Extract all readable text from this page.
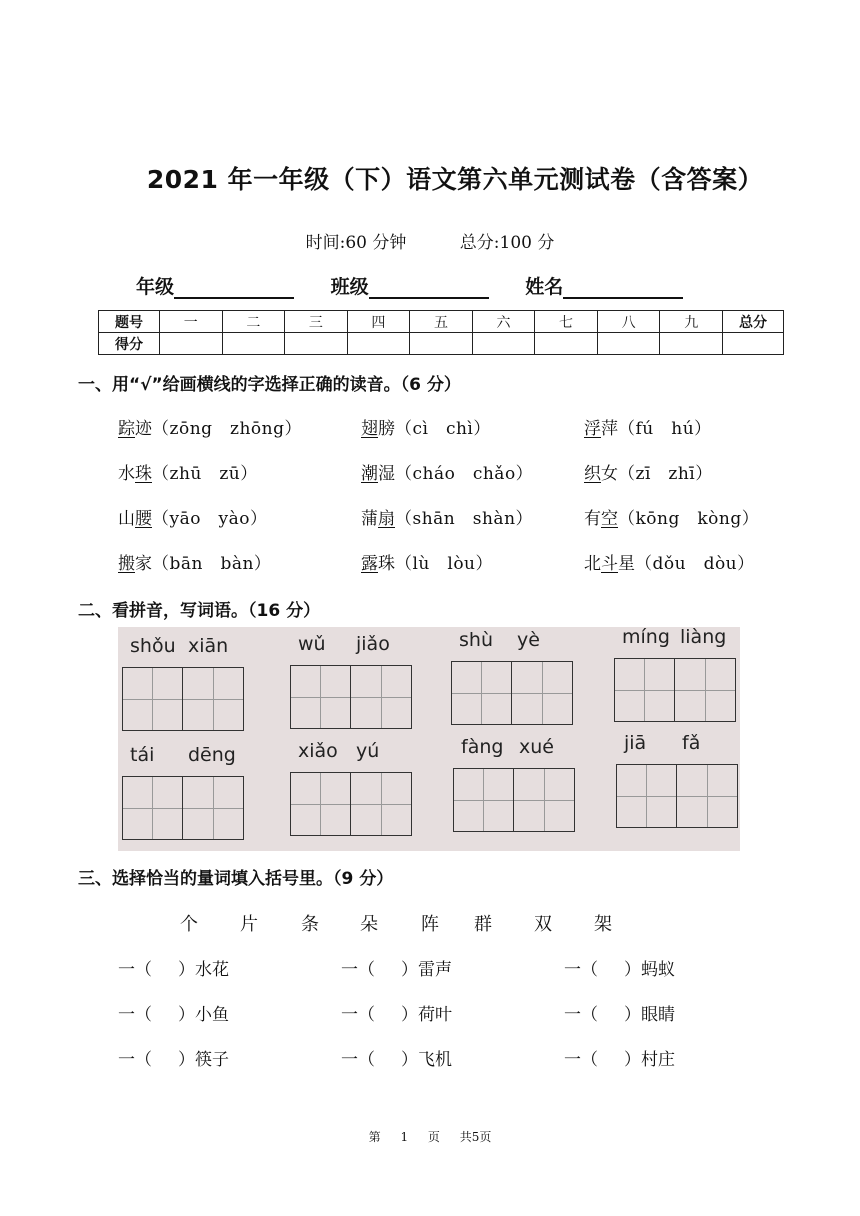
2021 年一年级（下）语文第六单元测试卷（含答案）
时间:60 分钟	总分:100 分
年级	班级	姓名
题号	一	二	三	四	五	六	七	八	九	总分
得分										
一、用“√”给画横线的字选择正确的读音。（6 分）
踪迹（zōng　zhōng）	翅膀（cì　chì）	浮萍（fú　hú）
水珠（zhū　zū）	潮湿（cháo　chǎo）	织女（zī　zhī）
山腰（yāo　yào）	蒲扇（shān　shàn）	有空（kōng　kòng）
搬家（bān　bàn）	露珠（lù　lòu）	北斗星（dǒu　dòu）
二、看拼音，写词语。（16 分）
shǒu xiān	wǔ jiǎo	shù yè	míng liàng
tái dēng	xiǎo yú	fàng xué	jiā fǎ
三、选择恰当的量词填入括号里。（9 分）
个 片 条 朵 阵 群 双 架
一（ ）水花	一（ ）雷声	一（ ）蚂蚁
一（ ）小鱼	一（ ）荷叶	一（ ）眼睛
一（ ）筷子	一（ ）飞机	一（ ）村庄
第 1 页 共5页
